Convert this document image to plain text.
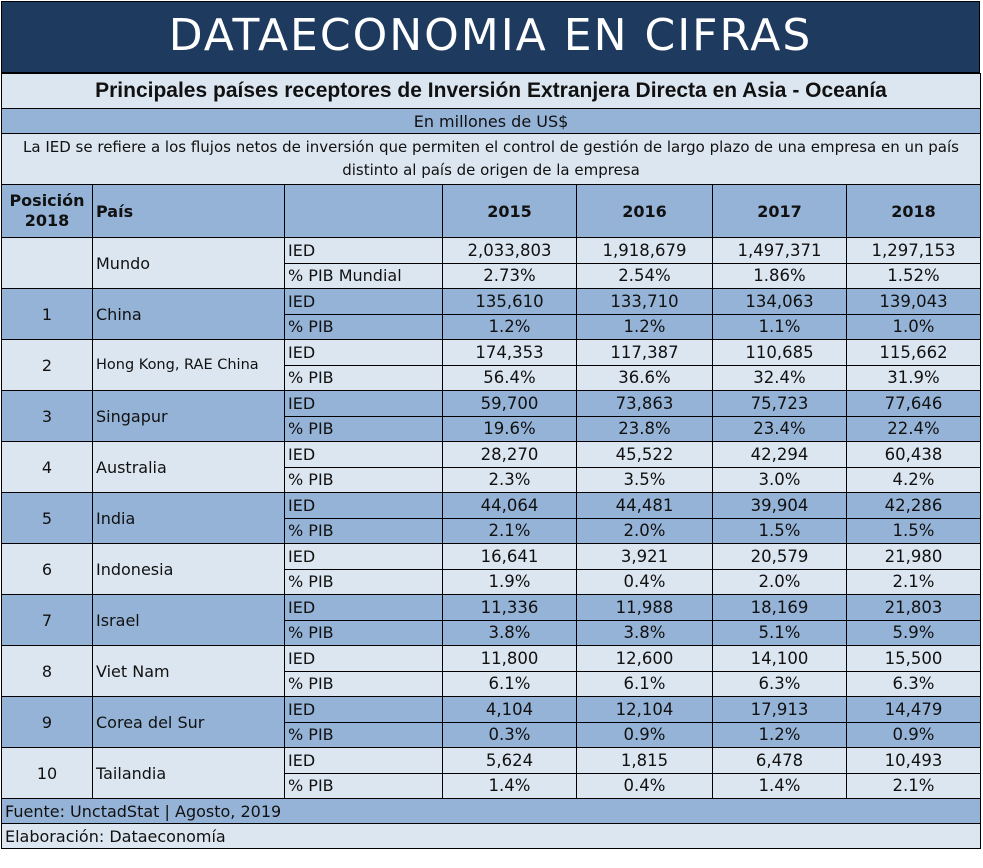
DATAECONOMIA EN CIFRAS
Principales países receptores de Inversión Extranjera Directa en Asia - Oceanía						
En millones de US$						
La IED se refiere a los flujos netos de inversión que permiten el control de gestión de largo plazo de una empresa en un país distinto al país de origen de la empresa						
Posición 2018	País		2015	2016	2017	2018
	Mundo	IED	2,033,803	1,918,679	1,497,371	1,297,153
		% PIB Mundial	2.73%	2.54%	1.86%	1.52%
1	China	IED	135,610	133,710	134,063	139,043
		% PIB	1.2%	1.2%	1.1%	1.0%
2	Hong Kong, RAE China	IED	174,353	117,387	110,685	115,662
		% PIB	56.4%	36.6%	32.4%	31.9%
3	Singapur	IED	59,700	73,863	75,723	77,646
		% PIB	19.6%	23.8%	23.4%	22.4%
4	Australia	IED	28,270	45,522	42,294	60,438
		% PIB	2.3%	3.5%	3.0%	4.2%
5	India	IED	44,064	44,481	39,904	42,286
		% PIB	2.1%	2.0%	1.5%	1.5%
6	Indonesia	IED	16,641	3,921	20,579	21,980
		% PIB	1.9%	0.4%	2.0%	2.1%
7	Israel	IED	11,336	11,988	18,169	21,803
		% PIB	3.8%	3.8%	5.1%	5.9%
8	Viet Nam	IED	11,800	12,600	14,100	15,500
		% PIB	6.1%	6.1%	6.3%	6.3%
9	Corea del Sur	IED	4,104	12,104	17,913	14,479
		% PIB	0.3%	0.9%	1.2%	0.9%
10	Tailandia	IED	5,624	1,815	6,478	10,493
		% PIB	1.4%	0.4%	1.4%	2.1%
Fuente: UnctadStat | Agosto, 2019						
Elaboración: Dataeconomía						
